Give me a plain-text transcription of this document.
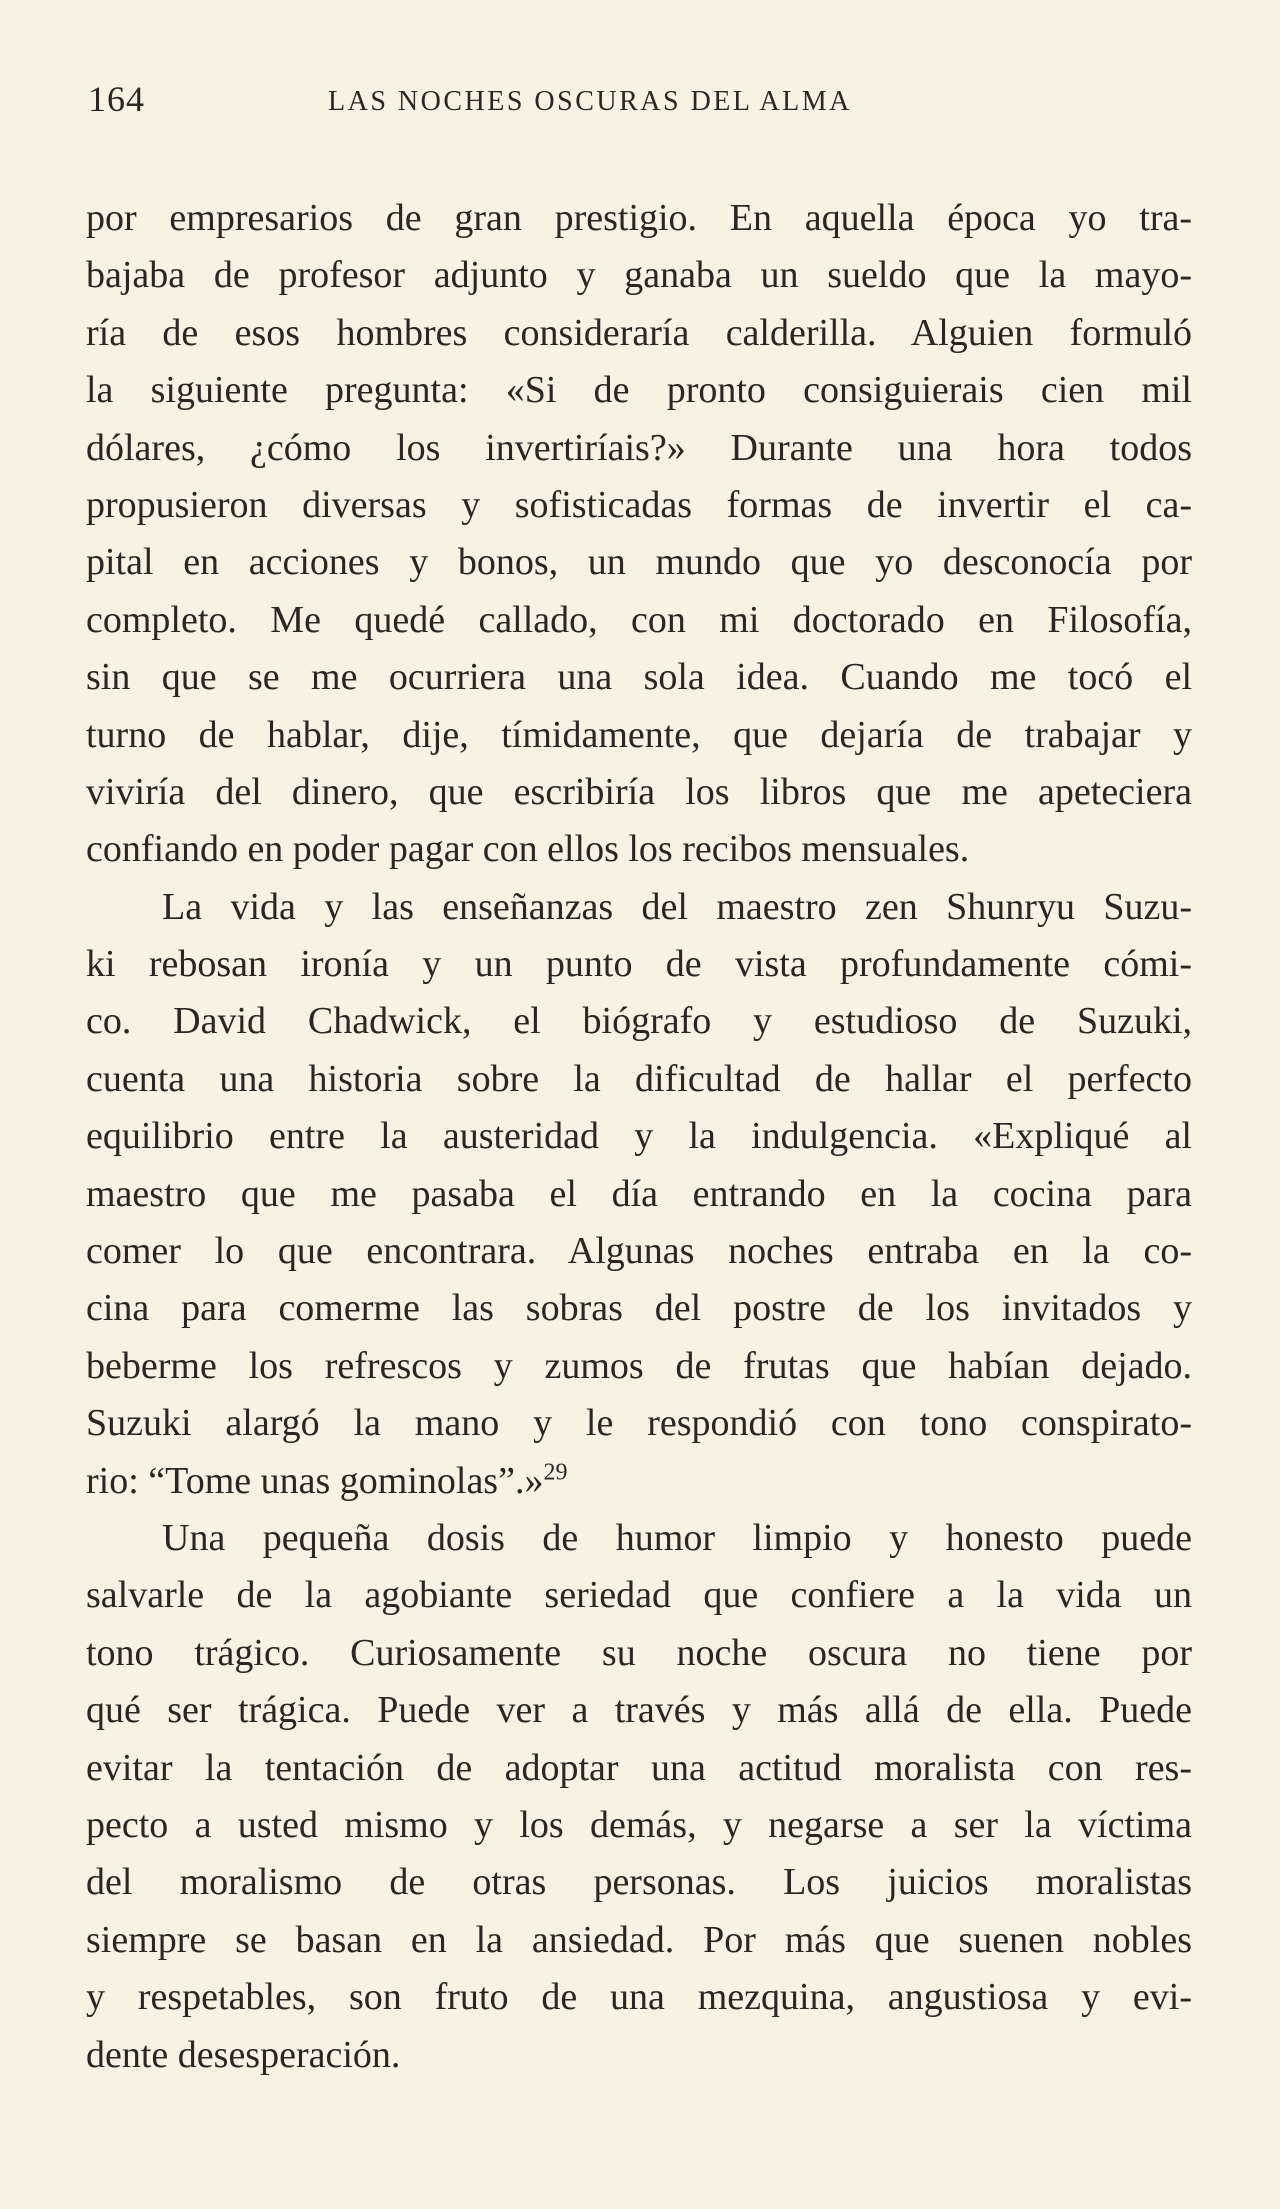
164	LAS NOCHES OSCURAS DEL ALMA
por empresarios de gran prestigio. En aquella época yo tra-
bajaba de profesor adjunto y ganaba un sueldo que la mayo-
ría de esos hombres consideraría calderilla. Alguien formuló
la siguiente pregunta: «Si de pronto consiguierais cien mil
dólares, ¿cómo los invertiríais?» Durante una hora todos
propusieron diversas y sofisticadas formas de invertir el ca-
pital en acciones y bonos, un mundo que yo desconocía por
completo. Me quedé callado, con mi doctorado en Filosofía,
sin que se me ocurriera una sola idea. Cuando me tocó el
turno de hablar, dije, tímidamente, que dejaría de trabajar y
viviría del dinero, que escribiría los libros que me apeteciera
confiando en poder pagar con ellos los recibos mensuales.
La vida y las enseñanzas del maestro zen Shunryu Suzu-
ki rebosan ironía y un punto de vista profundamente cómi-
co. David Chadwick, el biógrafo y estudioso de Suzuki,
cuenta una historia sobre la dificultad de hallar el perfecto
equilibrio entre la austeridad y la indulgencia. «Expliqué al
maestro que me pasaba el día entrando en la cocina para
comer lo que encontrara. Algunas noches entraba en la co-
cina para comerme las sobras del postre de los invitados y
beberme los refrescos y zumos de frutas que habían dejado.
Suzuki alargó la mano y le respondió con tono conspirato-
rio: “Tome unas gominolas”.»$^{29}$
Una pequeña dosis de humor limpio y honesto puede
salvarle de la agobiante seriedad que confiere a la vida un
tono trágico. Curiosamente su noche oscura no tiene por
qué ser trágica. Puede ver a través y más allá de ella. Puede
evitar la tentación de adoptar una actitud moralista con res-
pecto a usted mismo y los demás, y negarse a ser la víctima
del moralismo de otras personas. Los juicios moralistas
siempre se basan en la ansiedad. Por más que suenen nobles
y respetables, son fruto de una mezquina, angustiosa y evi-
dente desesperación.
